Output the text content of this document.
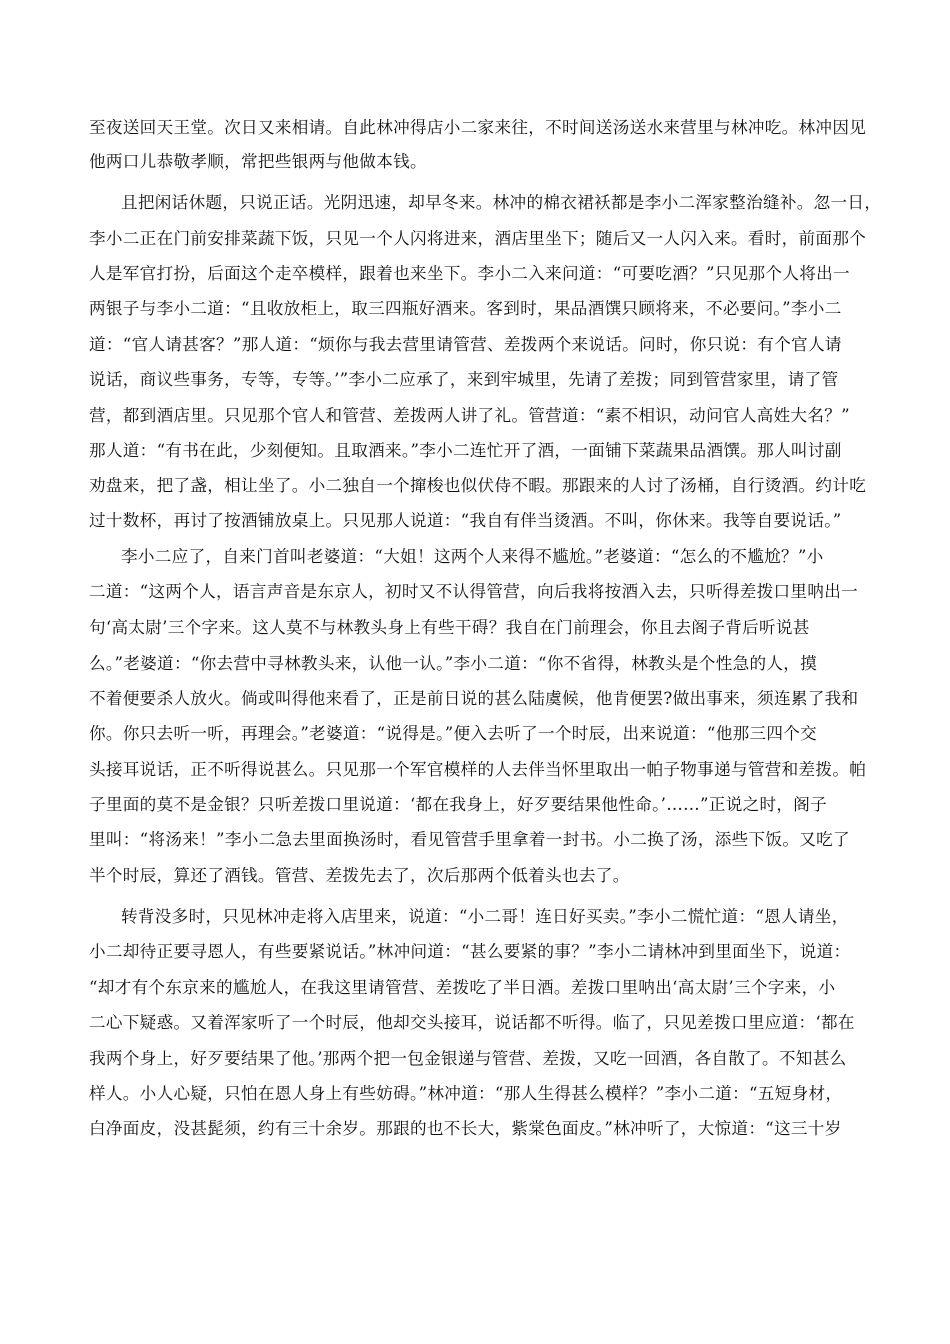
至夜送回天王堂。次日又来相请。自此林冲得店小二家来往，不时间送汤送水来营里与林冲吃。林冲因见
他两口儿恭敬孝顺，常把些银两与他做本钱。
且把闲话休题，只说正话。光阴迅速，却早冬来。林冲的棉衣裙袄都是李小二浑家整治缝补。忽一日，
李小二正在门前安排菜蔬下饭，只见一个人闪将进来，酒店里坐下；随后又一人闪入来。看时，前面那个
人是军官打扮，后面这个走卒模样，跟着也来坐下。李小二入来问道：“可要吃酒？”只见那个人将出一
两银子与李小二道：“且收放柜上，取三四瓶好酒来。客到时，果品酒馔只顾将来，不必要问。”李小二
道：“官人请甚客？”那人道：“烦你与我去营里请管营、差拨两个来说话。问时，你只说：有个官人请
说话，商议些事务，专等，专等。’”李小二应承了，来到牢城里，先请了差拨；同到管营家里，请了管
营，都到酒店里。只见那个官人和管营、差拨两人讲了礼。管营道：“素不相识，动问官人高姓大名？”
那人道：“有书在此，少刻便知。且取酒来。”李小二连忙开了酒，一面铺下菜蔬果品酒馔。那人叫讨副
劝盘来，把了盏，相让坐了。小二独自一个撺梭也似伏侍不暇。那跟来的人讨了汤桶，自行烫酒。约计吃
过十数杯，再讨了按酒铺放桌上。只见那人说道：“我自有伴当烫酒。不叫，你休来。我等自要说话。”
李小二应了，自来门首叫老婆道：“大姐！这两个人来得不尴尬。”老婆道：“怎么的不尴尬？”小
二道：“这两个人，语言声音是东京人，初时又不认得管营，向后我将按酒入去，只听得差拨口里呐出一
句‘高太尉’三个字来。这人莫不与林教头身上有些干碍？我自在门前理会，你且去阁子背后听说甚
么。”老婆道：“你去营中寻林教头来，认他一认。”李小二道：“你不省得，林教头是个性急的人，摸
不着便要杀人放火。倘或叫得他来看了，正是前日说的甚么陆虞候，他肯便罢?做出事来，须连累了我和
你。你只去听一听，再理会。”老婆道：“说得是。”便入去听了一个时辰，出来说道：“他那三四个交
头接耳说话，正不听得说甚么。只见那一个军官模样的人去伴当怀里取出一帕子物事递与管营和差拨。帕
子里面的莫不是金银？只听差拨口里说道：‘都在我身上，好歹要结果他性命。’……”正说之时，阁子
里叫：“将汤来！”李小二急去里面换汤时，看见管营手里拿着一封书。小二换了汤，添些下饭。又吃了
半个时辰，算还了酒钱。管营、差拨先去了，次后那两个低着头也去了。
转背没多时，只见林冲走将入店里来，说道：“小二哥！连日好买卖。”李小二慌忙道：“恩人请坐，
小二却待正要寻恩人，有些要紧说话。”林冲问道：“甚么要紧的事？”李小二请林冲到里面坐下，说道：
“却才有个东京来的尴尬人，在我这里请管营、差拨吃了半日酒。差拨口里呐出‘高太尉’三个字来，小
二心下疑惑。又着浑家听了一个时辰，他却交头接耳，说话都不听得。临了，只见差拨口里应道：‘都在
我两个身上，好歹要结果了他。’那两个把一包金银递与管营、差拨，又吃一回酒，各自散了。不知甚么
样人。小人心疑，只怕在恩人身上有些妨碍。”林冲道：“那人生得甚么模样？”李小二道：“五短身材，
白净面皮，没甚髭须，约有三十余岁。那跟的也不长大，紫棠色面皮。”林冲听了，大惊道：“这三十岁
